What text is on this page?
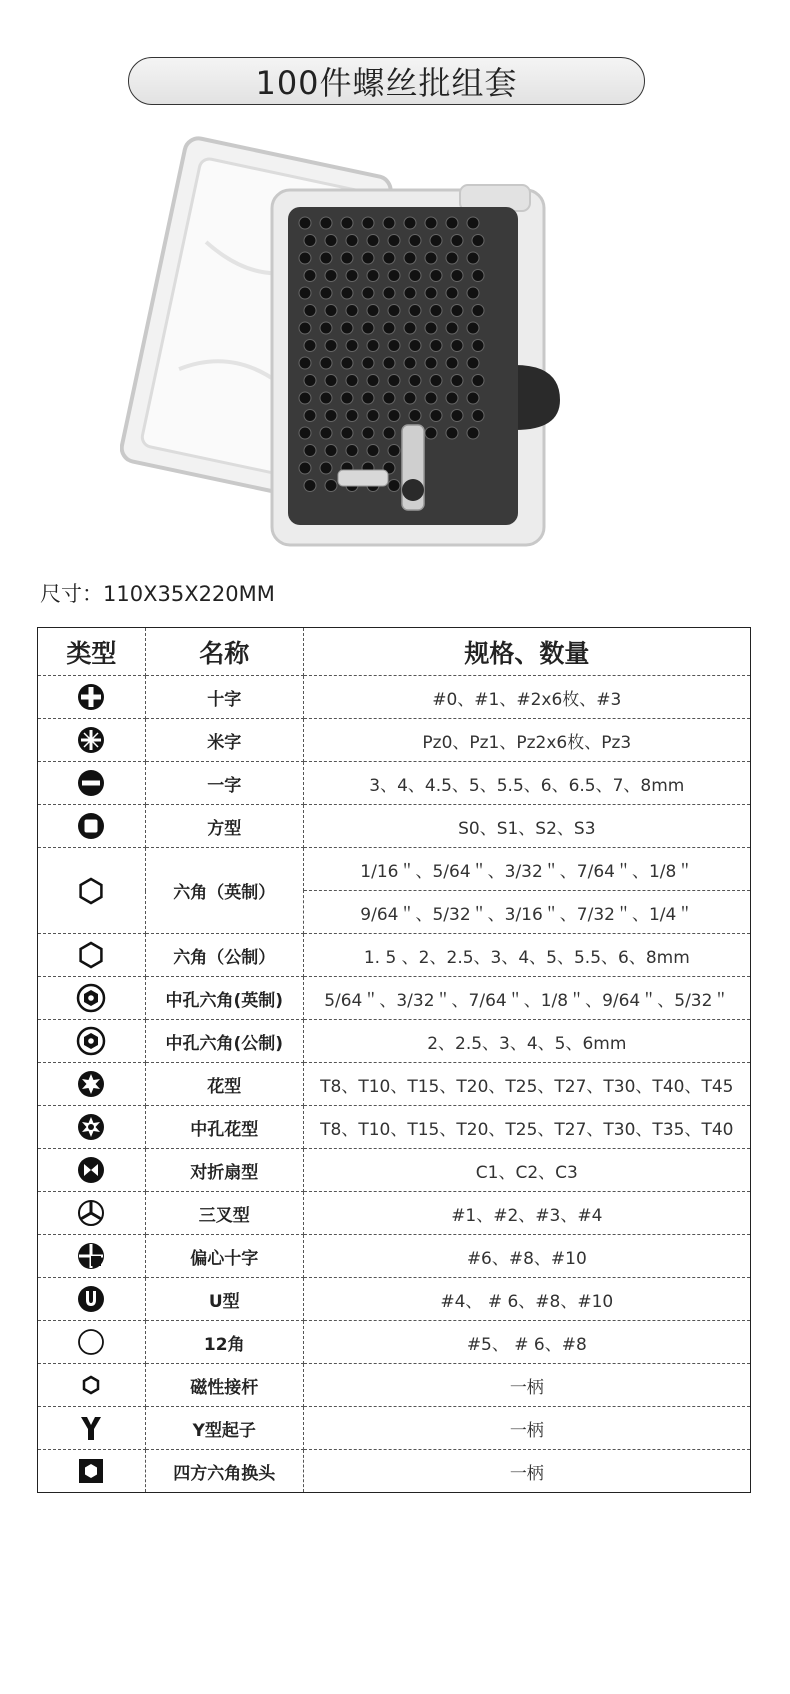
100件螺丝批组套
尺寸：110X35X220MM
类型	名称	规格、数量

	十字	#0、#1、#2x6枚、#3

	米字	Pz0、Pz1、Pz2x6枚、Pz3

	一字	3、4、4.5、5、5.5、6、6.5、7、8mm

	方型	S0、S1、S2、S3

	六角（英制）	1/16＂、5/64＂、3/32＂、7/64＂、1/8＂
		9/64＂、5/32＂、3/16＂、7/32＂、1/4＂

	六角（公制）	1. 5 、2、2.5、3、4、5、5.5、6、8mm

	中孔六角(英制)	5/64＂、3/32＂、7/64＂、1/8＂、9/64＂、5/32＂

	中孔六角(公制)	2、2.5、3、4、5、6mm

	花型	T8、T10、T15、T20、T25、T27、T30、T40、T45

	中孔花型	T8、T10、T15、T20、T25、T27、T30、T35、T40

	对折扇型	C1、C2、C3

	三叉型	#1、#2、#3、#4

	偏心十字	#6、#8、#10

	U型	#4、 # 6、#8、#10

	12角	#5、 # 6、#8

	磁性接杆	一柄

	Y型起子	一柄

	四方六角换头	一柄
